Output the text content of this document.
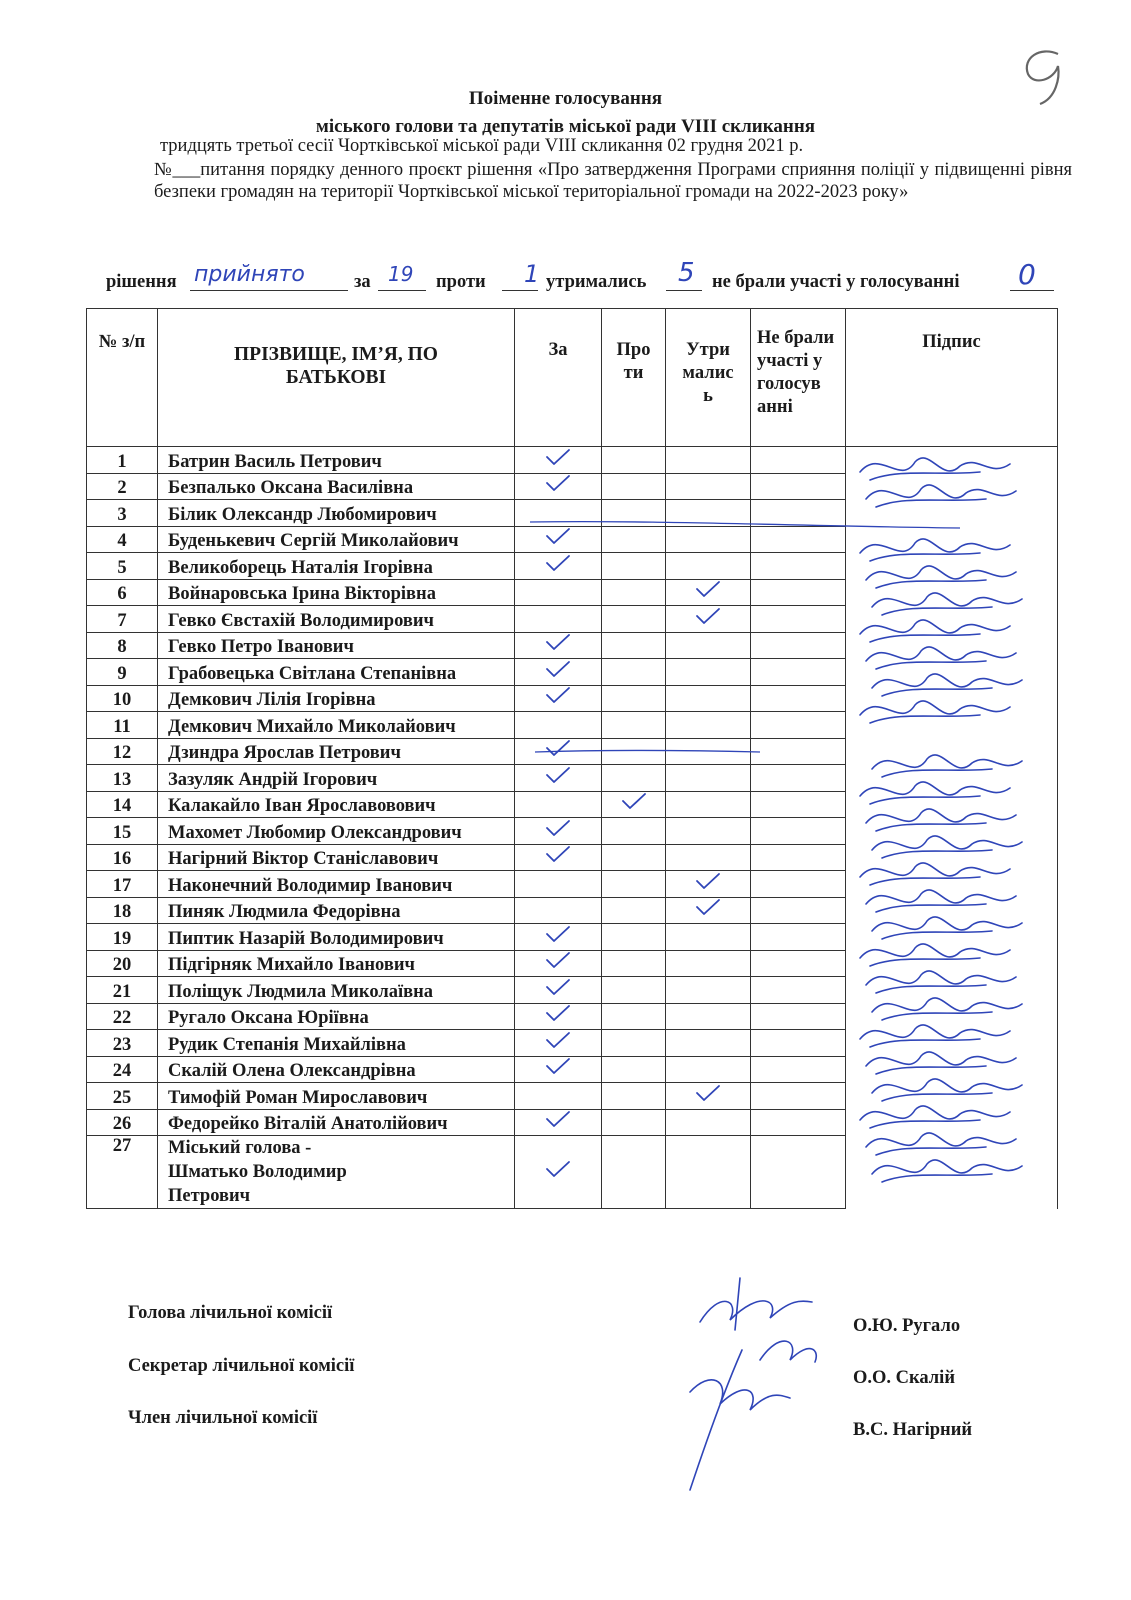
Поіменне голосування
міського голови та депутатів міської ради VIII скликання
тридцять третьої сесії Чортківської міської ради VIII скликання 02 грудня 2021 р.
№___питання порядку денного проєкт рішення «Про затвердження Програми сприяння поліції у підвищенні рівня безпеки громадян на території Чортківської міської територіальної громади на 2022-2023 року»
рішення прийнято	за 19 проти 1 утримались 5 не брали участі у голосуванні 0
№ з/п	ПРІЗВИЩЕ, ІМ’Я, ПО БАТЬКОВІ	За	Про ти	Утри малис ь	Не брали участі у голосув анні	Підпис
1	Батрин Василь Петрович					
2	Безпалько Оксана Василівна					
3	Білик Олександр Любомирович					
4	Буденькевич Сергій Миколайович					
5	Великоборець Наталія Ігорівна					
6	Войнаровська Ірина Вікторівна					
7	Гевко Євстахій Володимирович					
8	Гевко Петро Іванович					
9	Грабовецька Світлана Степанівна					
10	Демкович Лілія Ігорівна					
11	Демкович Михайло Миколайович					
12	Дзиндра Ярослав Петрович					
13	Зазуляк Андрій Ігорович					
14	Калакайло Іван Ярославовович					
15	Махомет Любомир Олександрович					
16	Нагірний Віктор Станіславович					
17	Наконечний Володимир Іванович					
18	Пиняк Людмила Федорівна					
19	Пиптик Назарій Володимирович					
20	Підгірняк Михайло Іванович					
21	Поліщук Людмила Миколаївна					
22	Ругало Оксана Юріївна					
23	Рудик Степанія Михайлівна					
24	Скалій Олена Олександрівна					
25	Тимофій Роман Мирославович					
26	Федорейко Віталій Анатолійович					
27	Міський голова - Шматько Володимир Петрович					
Голова лічильної комісії
Секретар лічильної комісії
Член лічильної комісії
О.Ю. Ругало
О.О. Скалій
В.С. Нагірний
